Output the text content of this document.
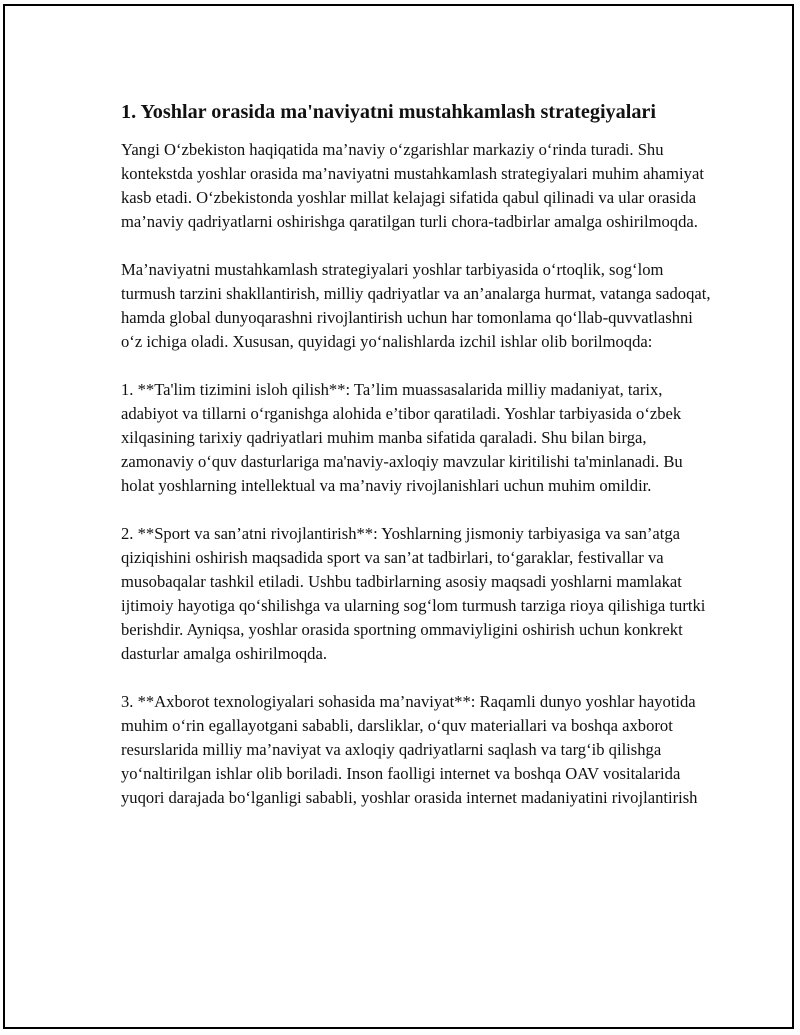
1. Yoshlar orasida ma'naviyatni mustahkamlash strategiyalari

Yangi O‘zbekiston haqiqatida ma’naviy o‘zgarishlar markaziy o‘rinda turadi. Shu kontekstda yoshlar orasida ma’naviyatni mustahkamlash strategiyalari muhim ahamiyat kasb etadi. O‘zbekistonda yoshlar millat kelajagi sifatida qabul qilinadi va ular orasida ma’naviy qadriyatlarni oshirishga qaratilgan turli chora-tadbirlar amalga oshirilmoqda.

Ma’naviyatni mustahkamlash strategiyalari yoshlar tarbiyasida o‘rtoqlik, sog‘lom turmush tarzini shakllantirish, milliy qadriyatlar va an’analarga hurmat, vatanga sadoqat, hamda global dunyoqarashni rivojlantirish uchun har tomonlama qo‘llab-quvvatlashni o‘z ichiga oladi. Xususan, quyidagi yo‘nalishlarda izchil ishlar olib borilmoqda:

1. **Ta'lim tizimini isloh qilish**: Ta’lim muassasalarida milliy madaniyat, tarix, adabiyot va tillarni o‘rganishga alohida e’tibor qaratiladi. Yoshlar tarbiyasida o‘zbek xilqasining tarixiy qadriyatlari muhim manba sifatida qaraladi. Shu bilan birga, zamonaviy o‘quv dasturlariga ma'naviy-axloqiy mavzular kiritilishi ta'minlanadi. Bu holat yoshlarning intellektual va ma’naviy rivojlanishlari uchun muhim omildir.

2. **Sport va san’atni rivojlantirish**: Yoshlarning jismoniy tarbiyasiga va san’atga qiziqishini oshirish maqsadida sport va san’at tadbirlari, to‘garaklar, festivallar va musobaqalar tashkil etiladi. Ushbu tadbirlarning asosiy maqsadi yoshlarni mamlakat ijtimoiy hayotiga qo‘shilishga va ularning sog‘lom turmush tarziga rioya qilishiga turtki berishdir. Ayniqsa, yoshlar orasida sportning ommaviyligini oshirish uchun konkrekt dasturlar amalga oshirilmoqda.

3. **Axborot texnologiyalari sohasida ma’naviyat**: Raqamli dunyo yoshlar hayotida muhim o‘rin egallayotgani sababli, darsliklar, o‘quv materiallari va boshqa axborot resurslarida milliy ma’naviyat va axloqiy qadriyatlarni saqlash va targ‘ib qilishga yo‘naltirilgan ishlar olib boriladi. Inson faolligi internet va boshqa OAV vositalarida yuqori darajada bo‘lganligi sababli, yoshlar orasida internet madaniyatini rivojlantirish
